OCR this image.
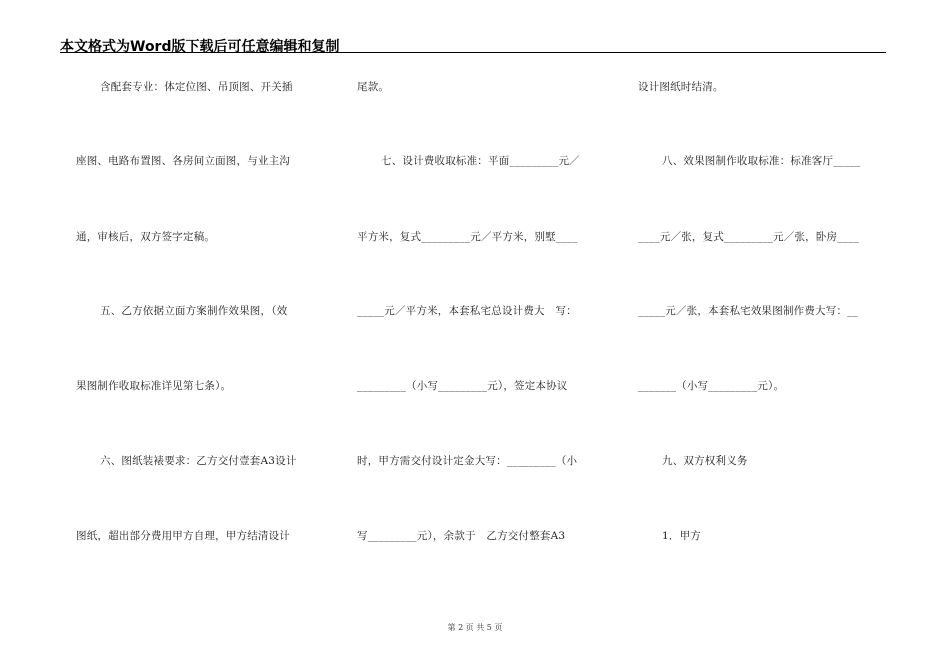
本文格式为Word版下载后可任意编辑和复制
含配套专业：体定位图、吊顶图、开关插
座图、电路布置图、各房间立面图，与业主沟
通，审核后，双方签字定稿。
五、乙方依据立面方案制作效果图，（效
果图制作收取标准详见第七条）。
六、图纸装裱要求：乙方交付壹套A3设计
图纸，超出部分费用甲方自理，甲方结清设计
尾款。
七、设计费收取标准：平面_________元／
平方米，复式_________元／平方米，别墅____
_____元／平方米，本套私宅总设计费大　写：
_________（小写_________元），签定本协议
时，甲方需交付设计定金大写：_________（小
写_________元），余款于　乙方交付整套A3
设计图纸时结清。
八、效果图制作收取标准：标准客厅_____
____元／张，复式_________元／张，卧房____
_____元／张，本套私宅效果图制作费大写：__
_______（小写_________元）。
九、双方权利义务
1．甲方
第 2 页 共 5 页
